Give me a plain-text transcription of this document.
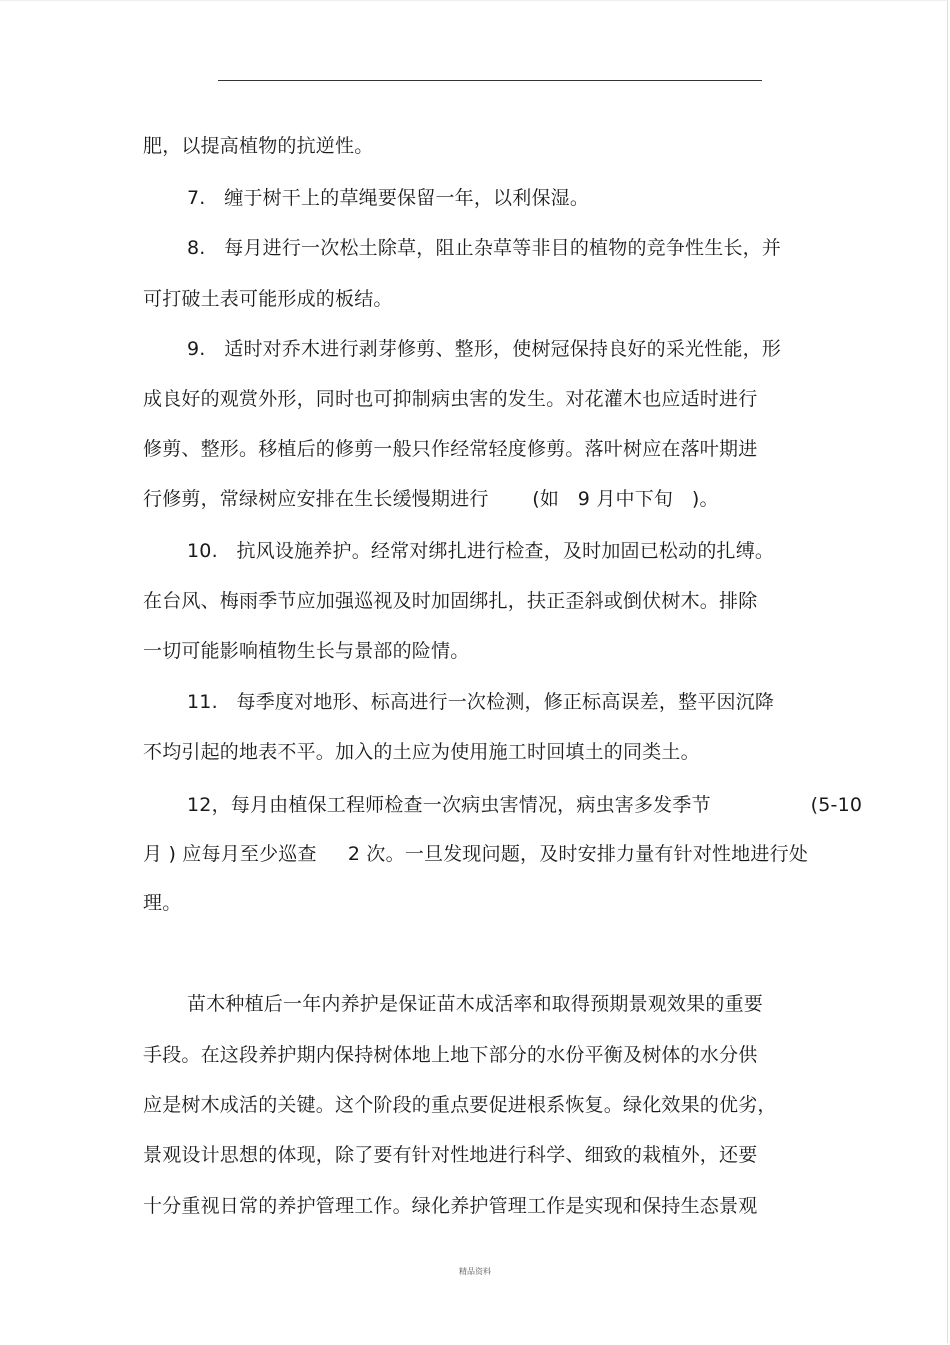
肥，以提高植物的抗逆性。
7.   缠于树干上的草绳要保留一年，以利保湿。
8.   每月进行一次松土除草，阻止杂草等非目的植物的竞争性生长，并
可打破土表可能形成的板结。
9.   适时对乔木进行剥芽修剪、整形，使树冠保持良好的采光性能，形
成良好的观赏外形，同时也可抑制病虫害的发生。对花灌木也应适时进行
修剪、整形。移植后的修剪一般只作经常轻度修剪。落叶树应在落叶期进
行修剪，常绿树应安排在生长缓慢期进行       (如   9 月中下旬   )。
10.   抗风设施养护。经常对绑扎进行检查，及时加固已松动的扎缚。
在台风、梅雨季节应加强巡视及时加固绑扎，扶正歪斜或倒伏树木。排除
一切可能影响植物生长与景部的险情。
11.   每季度对地形、标高进行一次检测，修正标高误差，整平因沉降
不均引起的地表不平。加入的土应为使用施工时回填土的同类土。
12，每月由植保工程师检查一次病虫害情况，病虫害多发季节                (5-10
月 ) 应每月至少巡查     2 次。一旦发现问题，及时安排力量有针对性地进行处
理。
苗木种植后一年内养护是保证苗木成活率和取得预期景观效果的重要
手段。在这段养护期内保持树体地上地下部分的水份平衡及树体的水分供
应是树木成活的关键。这个阶段的重点要促进根系恢复。绿化效果的优劣，
景观设计思想的体现，除了要有针对性地进行科学、细致的栽植外，还要
十分重视日常的养护管理工作。绿化养护管理工作是实现和保持生态景观
精品资料
